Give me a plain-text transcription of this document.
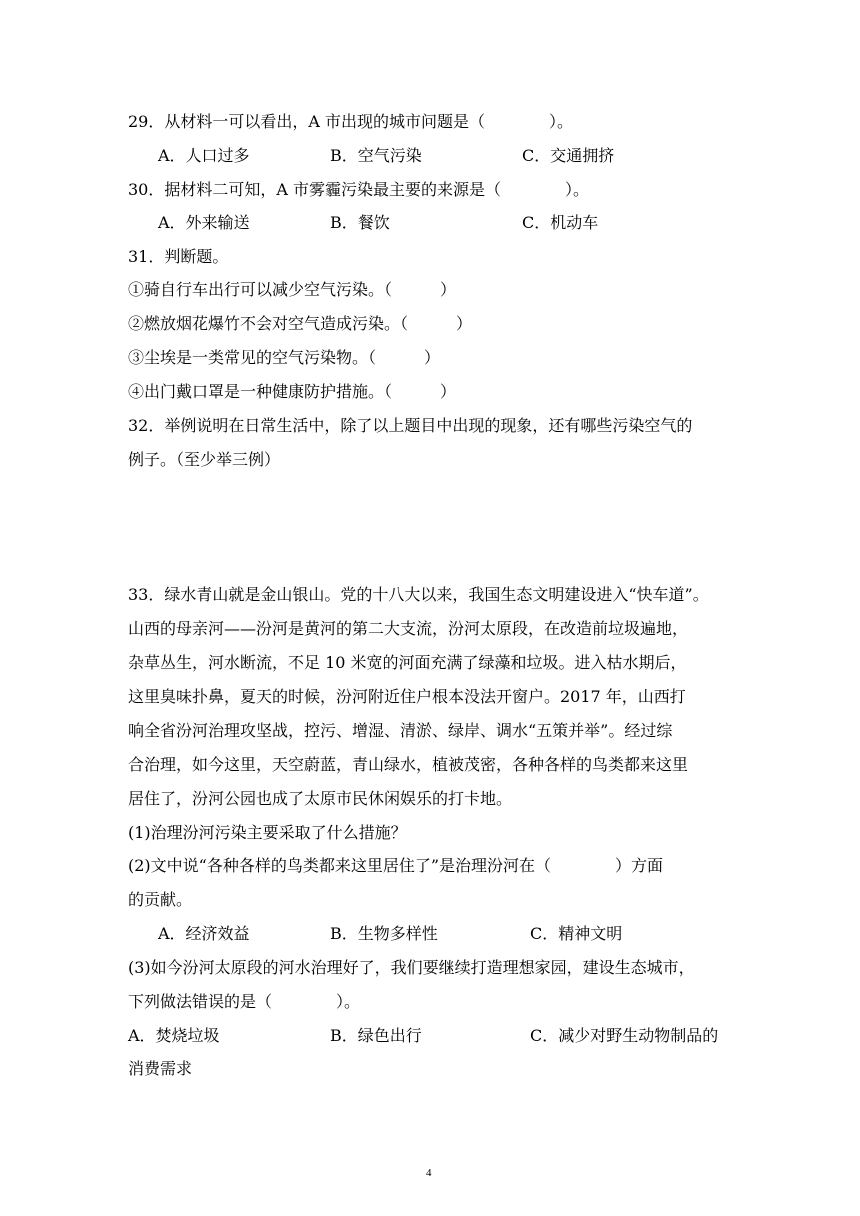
29．从材料一可以看出，A 市出现的城市问题是（　　　　）。
A．人口过多	B．空气污染	C．交通拥挤
30．据材料二可知，A 市雾霾污染最主要的来源是（　　　　）。
A．外来输送	B．餐饮	C．机动车
31．判断题。
①骑自行车出行可以减少空气污染。（　　　）
②燃放烟花爆竹不会对空气造成污染。（　　　）
③尘埃是一类常见的空气污染物。（　　　）
④出门戴口罩是一种健康防护措施。（　　　）
32．举例说明在日常生活中，除了以上题目中出现的现象，还有哪些污染空气的
例子。（至少举三例）
33．绿水青山就是金山银山。党的十八大以来，我国生态文明建设进入“快车道”。
山西的母亲河——汾河是黄河的第二大支流，汾河太原段，在改造前垃圾遍地，
杂草丛生，河水断流，不足 10 米宽的河面充满了绿藻和垃圾。进入枯水期后，
这里臭味扑鼻，夏天的时候，汾河附近住户根本没法开窗户。2017 年，山西打
响全省汾河治理攻坚战，控污、增湿、清淤、绿岸、调水“五策并举”。经过综
合治理，如今这里，天空蔚蓝，青山绿水，植被茂密，各种各样的鸟类都来这里
居住了，汾河公园也成了太原市民休闲娱乐的打卡地。
(1)治理汾河污染主要采取了什么措施？
(2)文中说“各种各样的鸟类都来这里居住了”是治理汾河在（　　　　）方面
的贡献。
A．经济效益	B．生物多样性	C．精神文明
(3)如今汾河太原段的河水治理好了，我们要继续打造理想家园，建设生态城市，
下列做法错误的是（　　　　）。
A．焚烧垃圾	B．绿色出行	C．减少对野生动物制品的
消费需求
4
